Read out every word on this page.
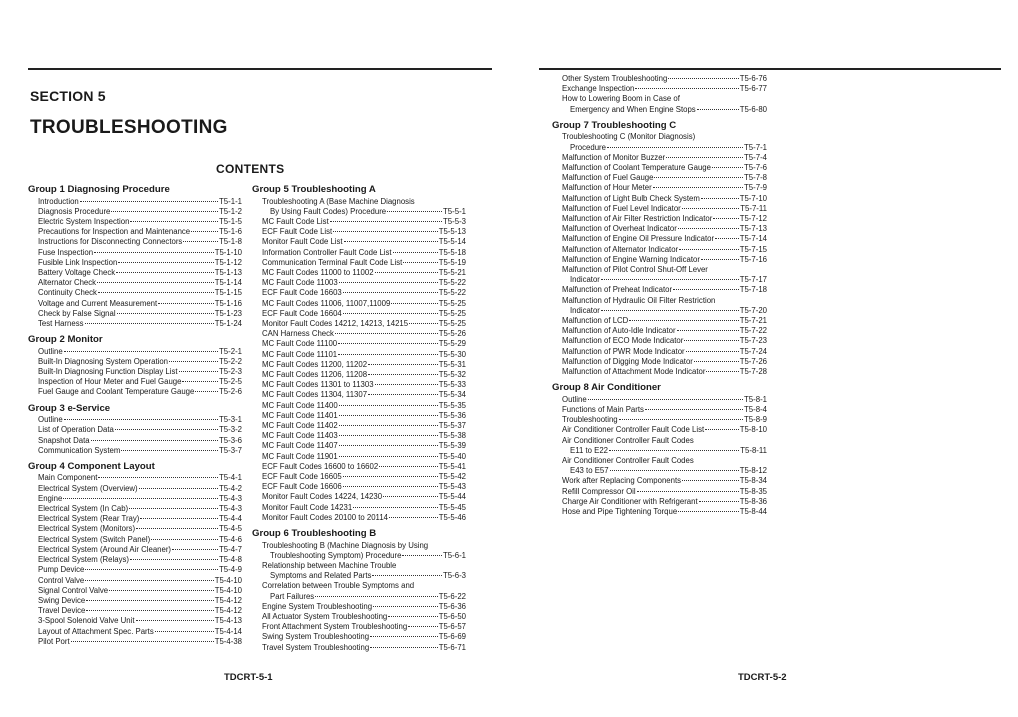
SECTION 5
TROUBLESHOOTING
CONTENTS
Group 1 Diagnosing Procedure
Introduction	T5-1-1
Diagnosis Procedure	T5-1-2
Electric System Inspection	T5-1-5
Precautions for Inspection and Maintenance	T5-1-6
Instructions for Disconnecting Connectors	T5-1-8
Fuse Inspection	T5-1-10
Fusible Link Inspection	T5-1-12
Battery Voltage Check	T5-1-13
Alternator Check	T5-1-14
Continuity Check	T5-1-15
Voltage and Current Measurement	T5-1-16
Check by False Signal	T5-1-23
Test Harness	T5-1-24
Group 2 Monitor
Outline	T5-2-1
Built-In Diagnosing System Operation	T5-2-2
Built-In Diagnosing Function Display List	T5-2-3
Inspection of Hour Meter and Fuel Gauge	T5-2-5
Fuel Gauge and Coolant Temperature Gauge	T5-2-6
Group 3 e-Service
Outline	T5-3-1
List of Operation Data	T5-3-2
Snapshot Data	T5-3-6
Communication System	T5-3-7
Group 4 Component Layout
Main Component	T5-4-1
Electrical System (Overview)	T5-4-2
Engine	T5-4-3
Electrical System (In Cab)	T5-4-3
Electrical System (Rear Tray)	T5-4-4
Electrical System (Monitors)	T5-4-5
Electrical System (Switch Panel)	T5-4-6
Electrical System (Around Air Cleaner)	T5-4-7
Electrical System (Relays)	T5-4-8
Pump Device	T5-4-9
Control Valve	T5-4-10
Signal Control Valve	T5-4-10
Swing Device	T5-4-12
Travel Device	T5-4-12
3-Spool Solenoid Valve Unit	T5-4-13
Layout of Attachment Spec. Parts	T5-4-14
Pilot Port	T5-4-38
Group 5 Troubleshooting A
Troubleshooting A (Base Machine Diagnosis
By Using Fault Codes) Procedure	T5-5-1
MC Fault Code List	T5-5-3
ECF Fault Code List	T5-5-13
Monitor Fault Code List	T5-5-14
Information Controller Fault Code List	T5-5-18
Communication Terminal Fault Code List	T5-5-19
MC Fault Codes 11000 to 11002	T5-5-21
MC Fault Code 11003	T5-5-22
ECF Fault Code 16603	T5-5-22
MC Fault Codes 11006, 11007,11009	T5-5-25
ECF Fault Code 16604	T5-5-25
Monitor Fault Codes 14212, 14213, 14215	T5-5-25
CAN Harness Check	T5-5-26
MC Fault Code 11100	T5-5-29
MC Fault Code 11101	T5-5-30
MC Fault Codes 11200, 11202	T5-5-31
MC Fault Codes 11206, 11208	T5-5-32
MC Fault Codes 11301 to 11303	T5-5-33
MC Fault Codes 11304, 11307	T5-5-34
MC Fault Code 11400	T5-5-35
MC Fault Code 11401	T5-5-36
MC Fault Code 11402	T5-5-37
MC Fault Code 11403	T5-5-38
MC Fault Code 11407	T5-5-39
MC Fault Code 11901	T5-5-40
ECF Fault Codes 16600 to 16602	T5-5-41
ECF Fault Code 16605	T5-5-42
ECF Fault Code 16606	T5-5-43
Monitor Fault Codes 14224, 14230	T5-5-44
Monitor Fault Code 14231	T5-5-45
Monitor Fault Codes 20100 to 20114	T5-5-46
Group 6 Troubleshooting B
Troubleshooting B (Machine Diagnosis by Using
Troubleshooting Symptom) Procedure	T5-6-1
Relationship between Machine Trouble
Symptoms and Related Parts	T5-6-3
Correlation between Trouble Symptoms and
Part Failures	T5-6-22
Engine System Troubleshooting	T5-6-36
All Actuator System Troubleshooting	T5-6-50
Front Attachment System Troubleshooting	T5-6-57
Swing System Troubleshooting	T5-6-69
Travel System Troubleshooting	T5-6-71
TDCRT-5-1
Other System Troubleshooting	T5-6-76
Exchange Inspection	T5-6-77
How to Lowering Boom in Case of
Emergency and When Engine Stops	T5-6-80
Group 7 Troubleshooting C
Troubleshooting C (Monitor Diagnosis)
Procedure	T5-7-1
Malfunction of Monitor Buzzer	T5-7-4
Malfunction of Coolant Temperature Gauge	T5-7-6
Malfunction of Fuel Gauge	T5-7-8
Malfunction of Hour Meter	T5-7-9
Malfunction of Light Bulb Check System	T5-7-10
Malfunction of Fuel Level Indicator	T5-7-11
Malfunction of Air Filter Restriction Indicator	T5-7-12
Malfunction of Overheat Indicator	T5-7-13
Malfunction of Engine Oil Pressure Indicator	T5-7-14
Malfunction of Alternator Indicator	T5-7-15
Malfunction of Engine Warning Indicator	T5-7-16
Malfunction of Pilot Control Shut-Off Lever
Indicator	T5-7-17
Malfunction of Preheat Indicator	T5-7-18
Malfunction of Hydraulic Oil Filter Restriction
Indicator	T5-7-20
Malfunction of LCD	T5-7-21
Malfunction of Auto-Idle Indicator	T5-7-22
Malfunction of ECO Mode Indicator	T5-7-23
Malfunction of PWR Mode Indicator	T5-7-24
Malfunction of Digging Mode Indicator	T5-7-26
Malfunction of Attachment Mode Indicator	T5-7-28
Group 8 Air Conditioner
Outline	T5-8-1
Functions of Main Parts	T5-8-4
Troubleshooting	T5-8-9
Air Conditioner Controller Fault Code List	T5-8-10
Air Conditioner Controller Fault Codes
E11 to E22	T5-8-11
Air Conditioner Controller Fault Codes
E43 to E57	T5-8-12
Work after Replacing Components	T5-8-34
Refill Compressor Oil	T5-8-35
Charge Air Conditioner with Refrigerant	T5-8-36
Hose and Pipe Tightening Torque	T5-8-44
TDCRT-5-2
